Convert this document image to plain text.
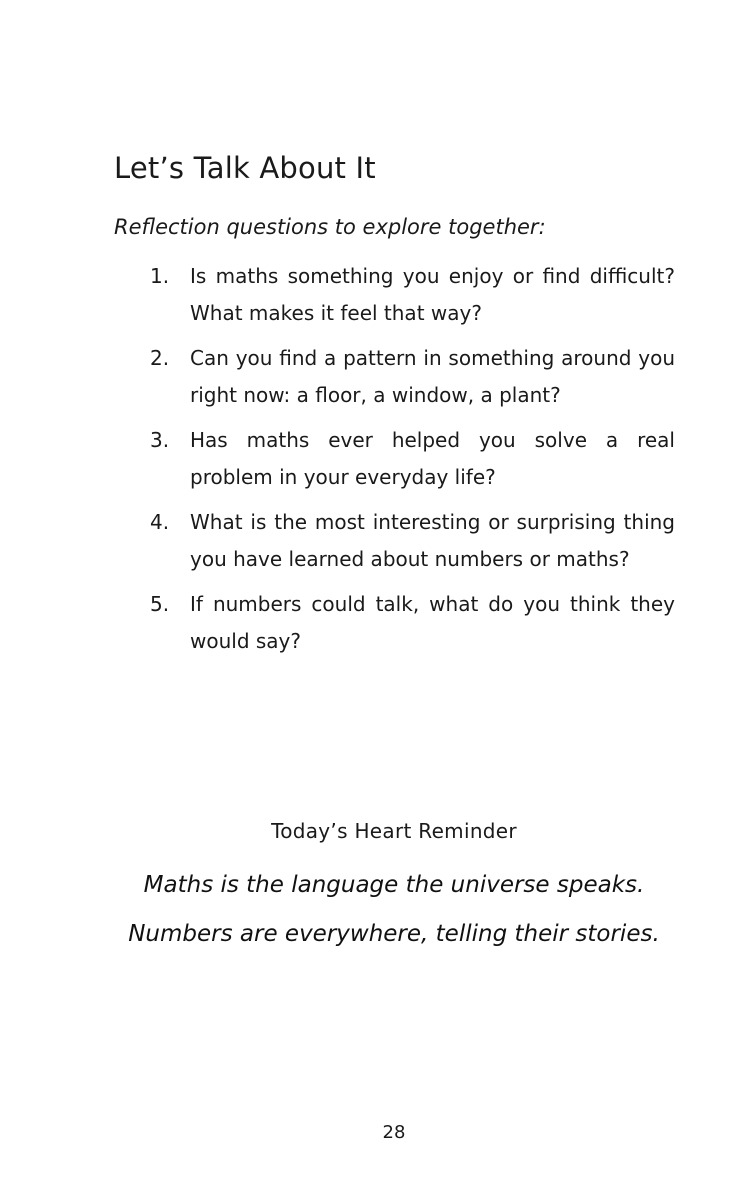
Let’s Talk About It

Reflection questions to explore together:

1.	Is maths something you enjoy or find difficult? What makes it feel that way?
2.	Can you find a pattern in something around you right now: a floor, a window, a plant?
3.	Has maths ever helped you solve a real problem in your everyday life?
4.	What is the most interesting or surprising thing you have learned about numbers or maths?
5.	If numbers could talk, what do you think they would say?
Today’s Heart Reminder
Maths is the language the universe speaks.
Numbers are everywhere, telling their stories.
28
